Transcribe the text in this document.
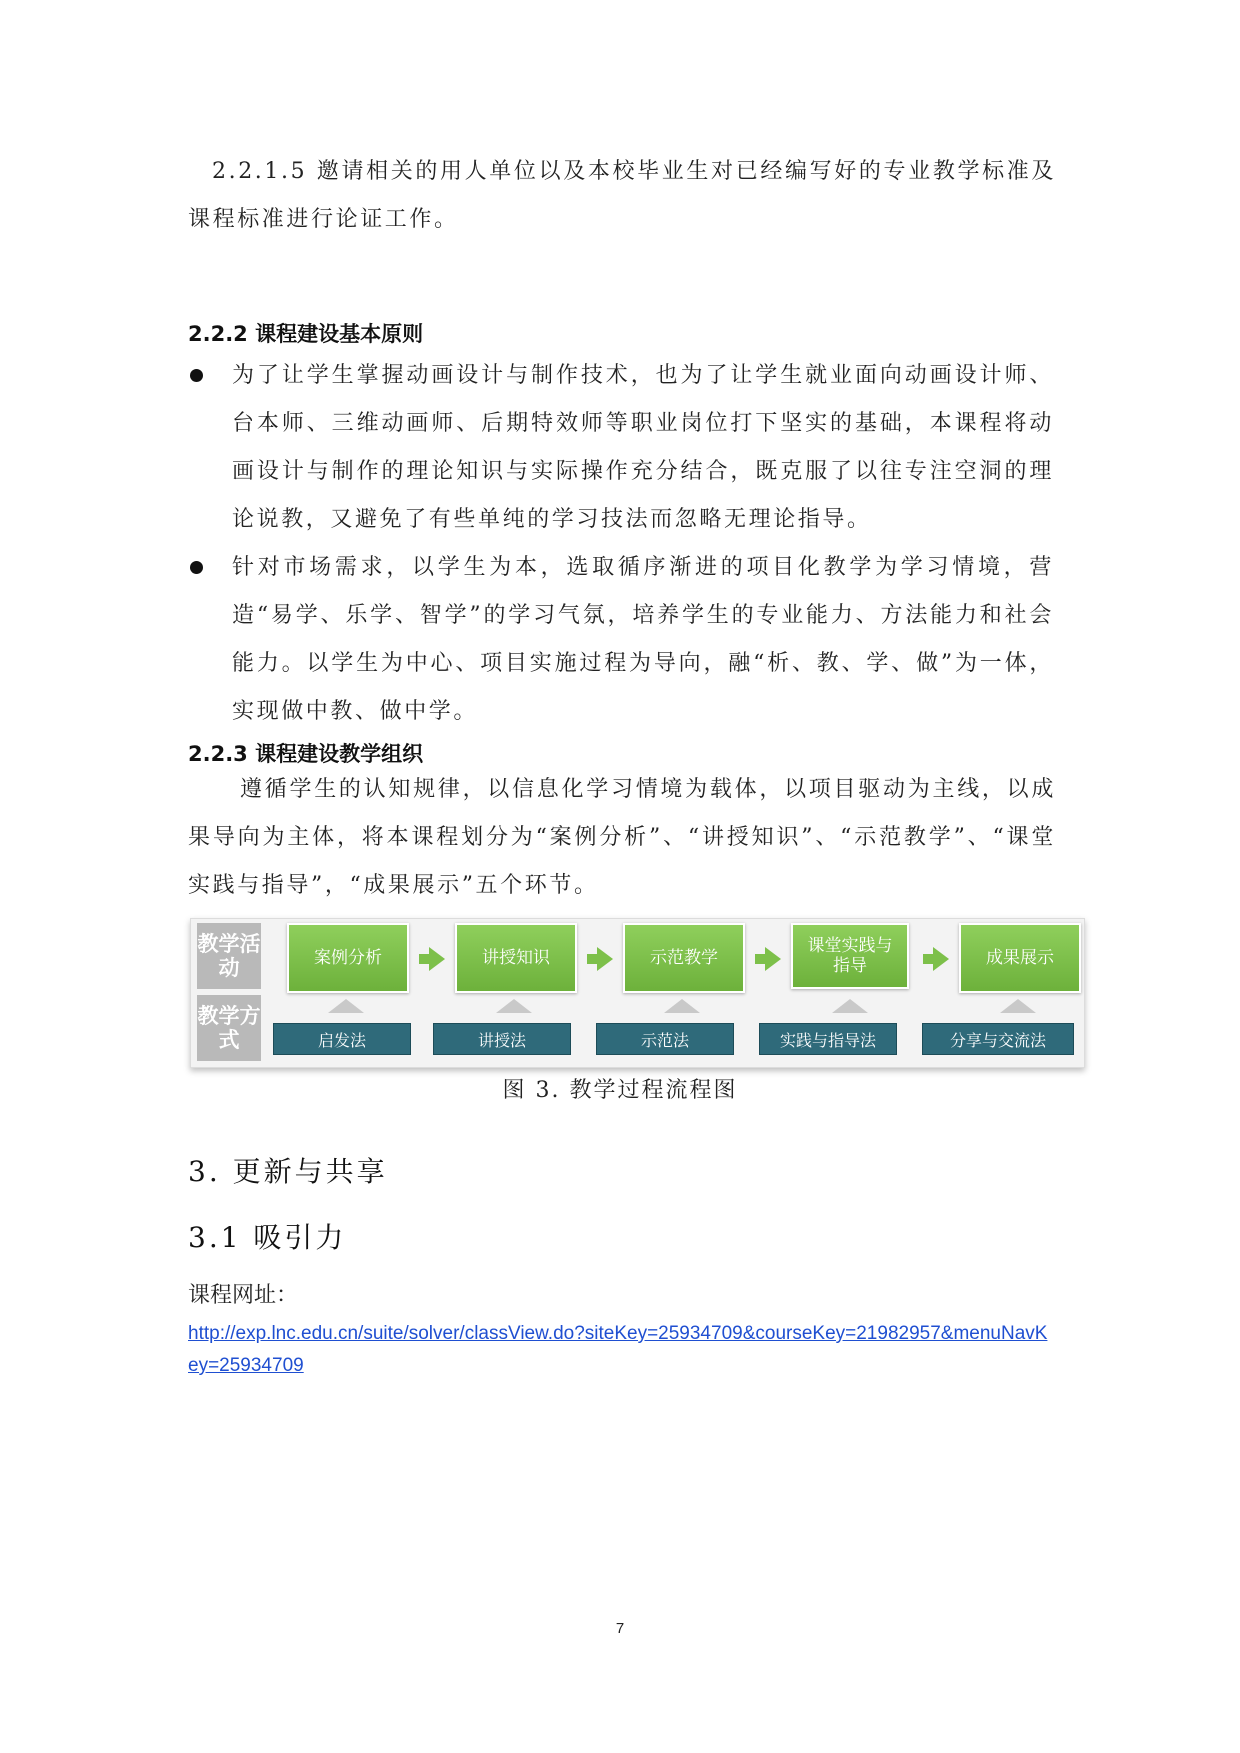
2.2.1.5 邀请相关的用人单位以及本校毕业生对已经编写好的专业教学标准及课程标准进行论证工作。
2.2.2 课程建设基本原则
为了让学生掌握动画设计与制作技术，也为了让学生就业面向动画设计师、台本师、三维动画师、后期特效师等职业岗位打下坚实的基础，本课程将动画设计与制作的理论知识与实际操作充分结合，既克服了以往专注空洞的理论说教，又避免了有些单纯的学习技法而忽略无理论指导。
针对市场需求，以学生为本，选取循序渐进的项目化教学为学习情境，营造“易学、乐学、智学”的学习气氛，培养学生的专业能力、方法能力和社会能力。以学生为中心、项目实施过程为导向，融“析、教、学、做”为一体，实现做中教、做中学。
2.2.3 课程建设教学组织
遵循学生的认知规律，以信息化学习情境为载体，以项目驱动为主线，以成果导向为主体，将本课程划分为“案例分析”、“讲授知识”、“示范教学”、“课堂实践与指导”，“成果展示”五个环节。
教学活动
教学方式
案例分析	讲授知识	示范教学
课堂实践与指导	成果展示
启发法	讲授法	示范法	实践与指导法	分享与交流法
图 3. 教学过程流程图
3. 更新与共享
3.1 吸引力
课程网址：
http://exp.lnc.edu.cn/suite/solver/classView.do?siteKey=25934709&courseKey=21982957&menuNavKey=25934709
7
